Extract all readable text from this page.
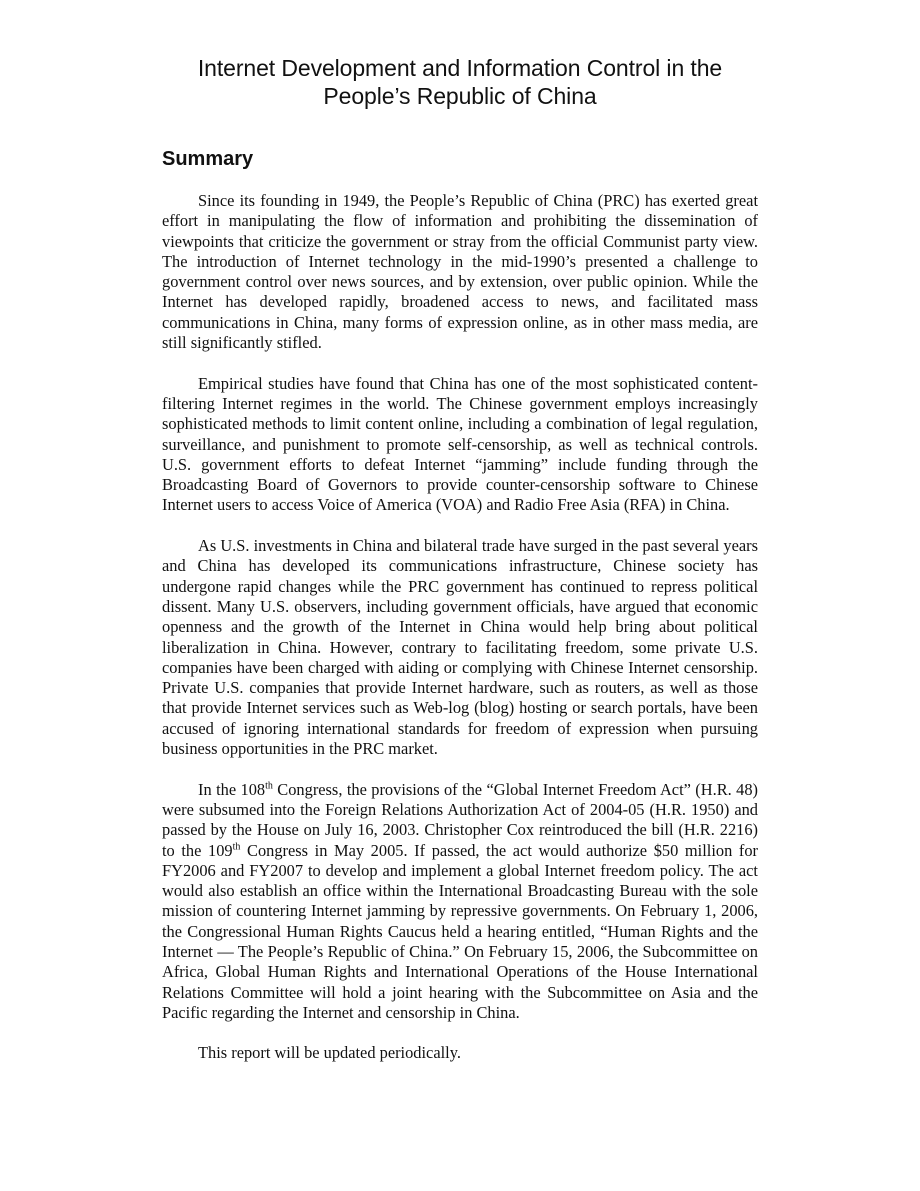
Internet Development and Information Control in the
People’s Republic of China
Summary

Since its founding in 1949, the People’s Republic of China (PRC) has exerted great effort in manipulating the flow of information and prohibiting the dissemination of viewpoints that criticize the government or stray from the official Communist party view. The introduction of Internet technology in the mid-1990’s presented a challenge to government control over news sources, and by extension, over public opinion. While the Internet has developed rapidly, broadened access to news, and facilitated mass communications in China, many forms of expression online, as in other mass media, are still significantly stifled.

Empirical studies have found that China has one of the most sophisticated content-filtering Internet regimes in the world. The Chinese government employs increasingly sophisticated methods to limit content online, including a combination of legal regulation, surveillance, and punishment to promote self-censorship, as well as technical controls. U.S. government efforts to defeat Internet “jamming” include funding through the Broadcasting Board of Governors to provide counter-censorship software to Chinese Internet users to access Voice of America (VOA) and Radio Free Asia (RFA) in China.

As U.S. investments in China and bilateral trade have surged in the past several years and China has developed its communications infrastructure, Chinese society has undergone rapid changes while the PRC government has continued to repress political dissent. Many U.S. observers, including government officials, have argued that economic openness and the growth of the Internet in China would help bring about political liberalization in China. However, contrary to facilitating freedom, some private U.S. companies have been charged with aiding or complying with Chinese Internet censorship. Private U.S. companies that provide Internet hardware, such as routers, as well as those that provide Internet services such as Web-log (blog) hosting or search portals, have been accused of ignoring international standards for freedom of expression when pursuing business opportunities in the PRC market.

In the 108th Congress, the provisions of the “Global Internet Freedom Act” (H.R. 48) were subsumed into the Foreign Relations Authorization Act of 2004-05 (H.R. 1950) and passed by the House on July 16, 2003. Christopher Cox reintroduced the bill (H.R. 2216) to the 109th Congress in May 2005. If passed, the act would authorize $50 million for FY2006 and FY2007 to develop and implement a global Internet freedom policy. The act would also establish an office within the International Broadcasting Bureau with the sole mission of countering Internet jamming by repressive governments. On February 1, 2006, the Congressional Human Rights Caucus held a hearing entitled, “Human Rights and the Internet — The People’s Republic of China.” On February 15, 2006, the Subcommittee on Africa, Global Human Rights and International Operations of the House International Relations Committee will hold a joint hearing with the Subcommittee on Asia and the Pacific regarding the Internet and censorship in China.

This report will be updated periodically.
